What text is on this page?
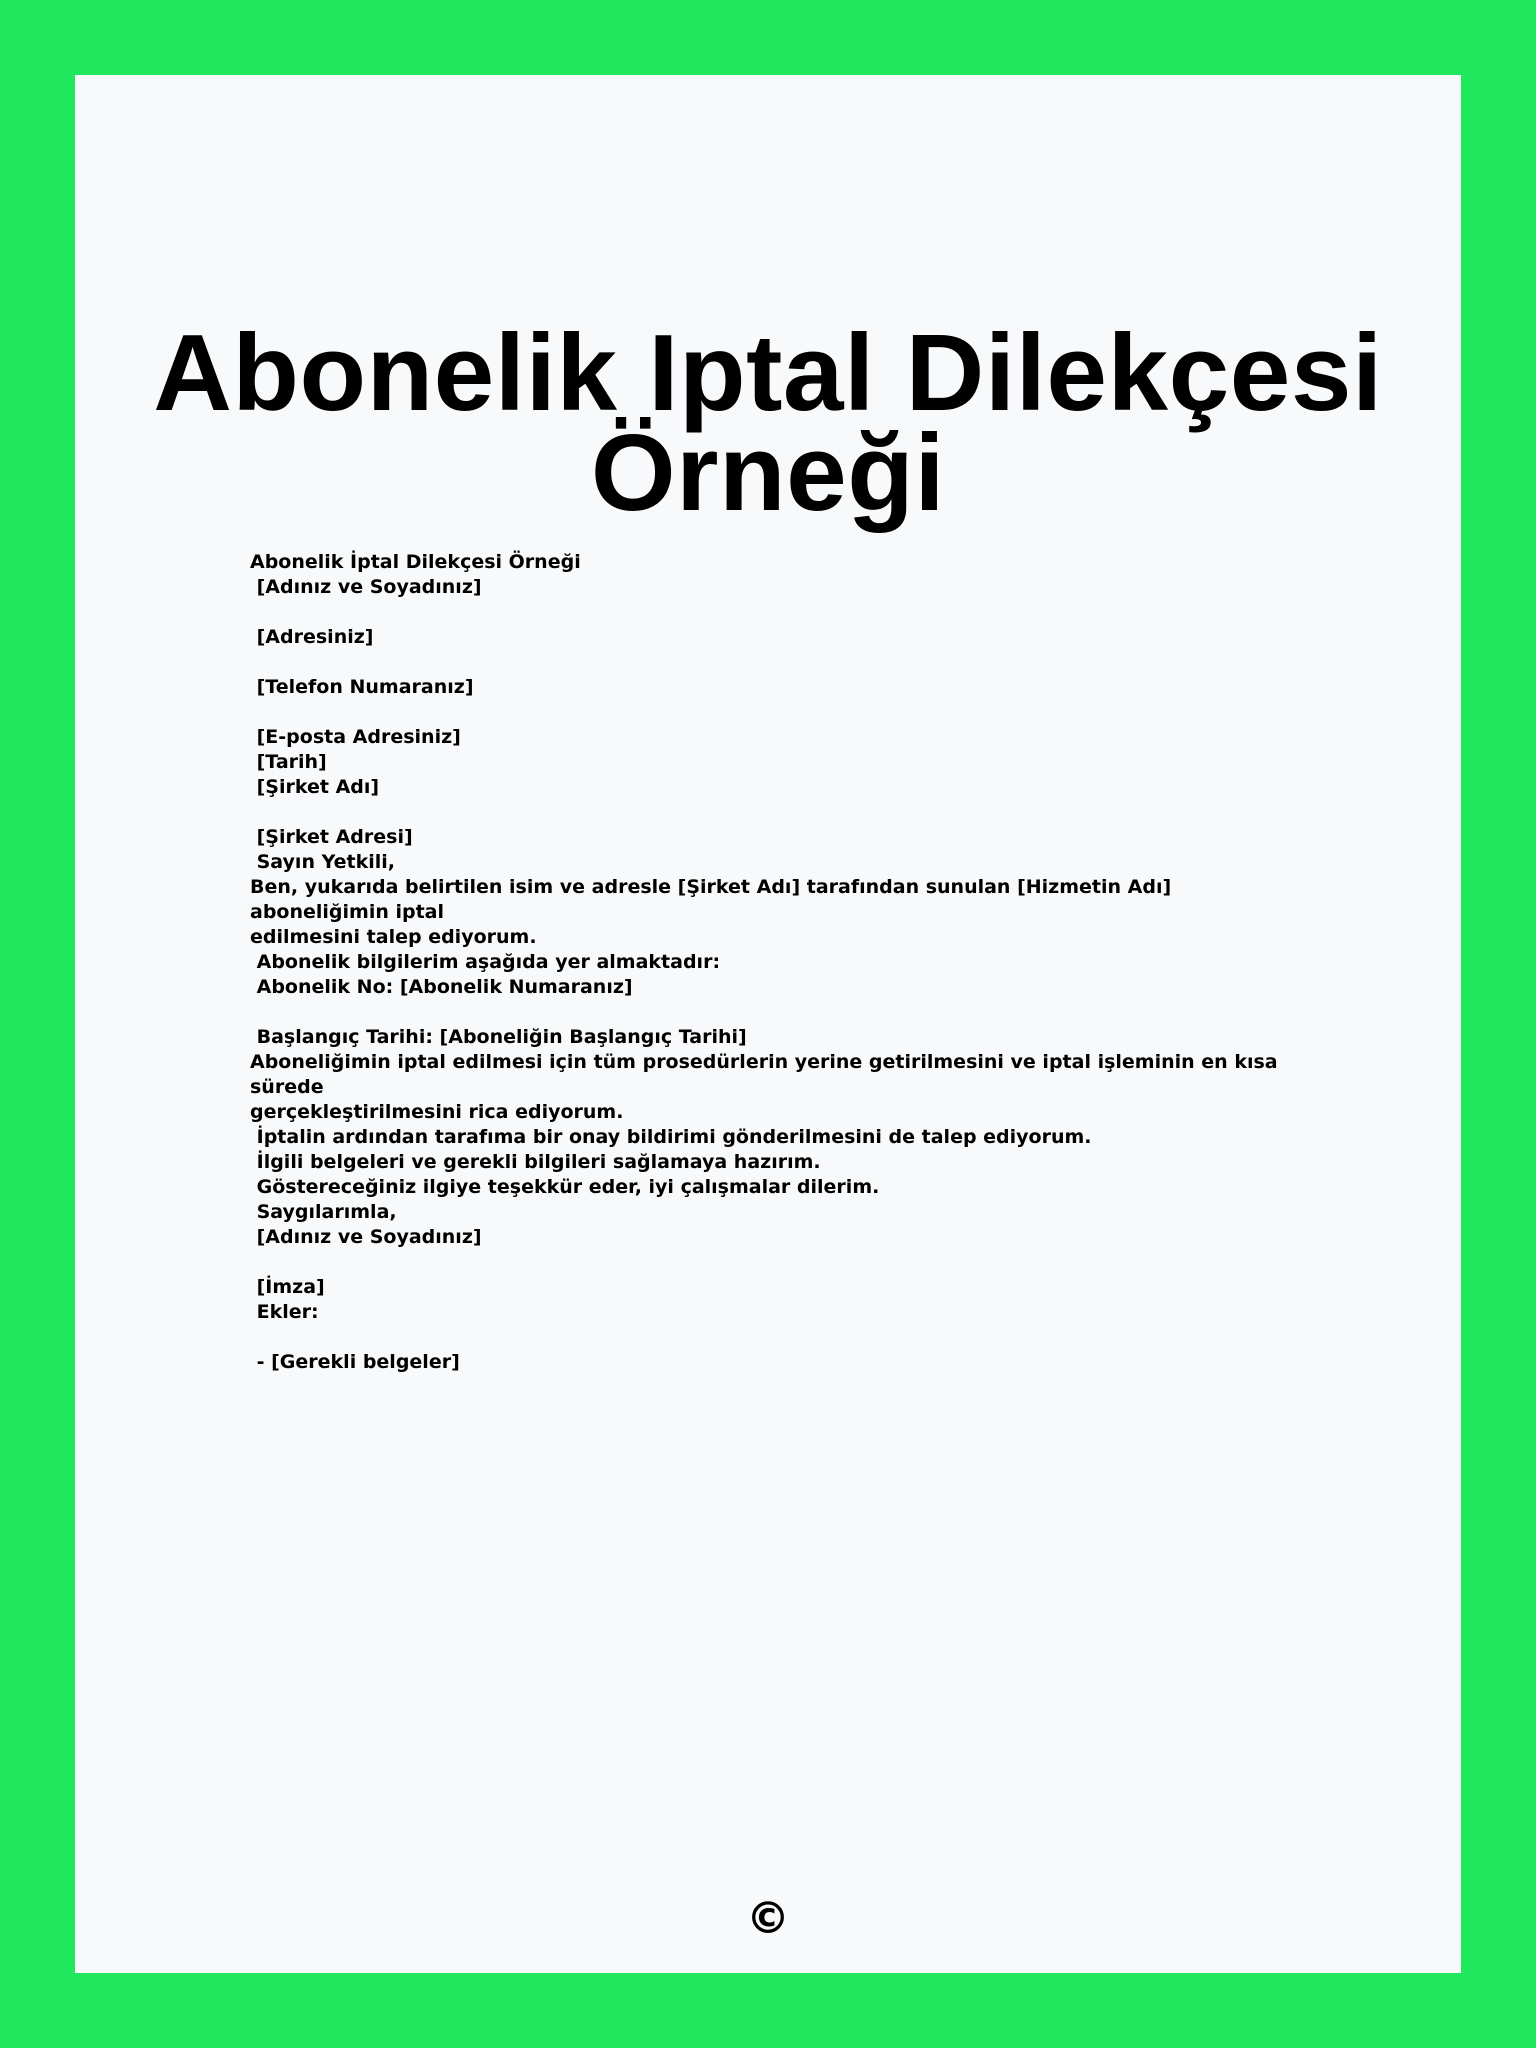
Abonelik Iptal Dilekçesi Örneği
Abonelik İptal Dilekçesi Örneği
[Adınız ve Soyadınız]
[Adresiniz]
[Telefon Numaranız]
[E-posta Adresiniz]
[Tarih]
[Şirket Adı]
[Şirket Adresi]
Sayın Yetkili,
Ben, yukarıda belirtilen isim ve adresle [Şirket Adı] tarafından sunulan [Hizmetin Adı] aboneliğimin iptal
edilmesini talep ediyorum.
Abonelik bilgilerim aşağıda yer almaktadır:
Abonelik No: [Abonelik Numaranız]
Başlangıç Tarihi: [Aboneliğin Başlangıç Tarihi]
Aboneliğimin iptal edilmesi için tüm prosedürlerin yerine getirilmesini ve iptal işleminin en kısa sürede
gerçekleştirilmesini rica ediyorum.
İptalin ardından tarafıma bir onay bildirimi gönderilmesini de talep ediyorum.
İlgili belgeleri ve gerekli bilgileri sağlamaya hazırım.
Göstereceğiniz ilgiye teşekkür eder, iyi çalışmalar dilerim.
Saygılarımla,
[Adınız ve Soyadınız]
[İmza]
Ekler:
- [Gerekli belgeler]
©
